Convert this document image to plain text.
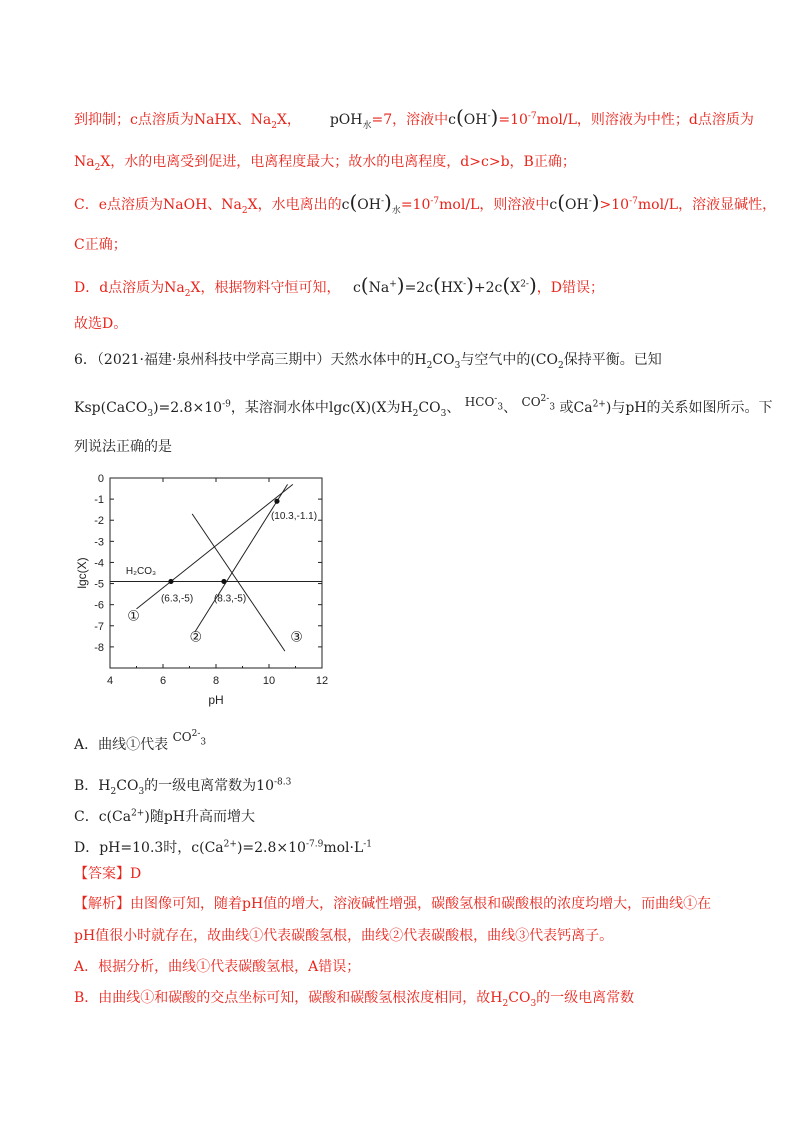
到抑制；c点溶质为NaHX、$Na_2X$， pOH$_水$=7，溶液中$c(OH^-)=10^{-7}mol/L$，则溶液为中性；d点溶质为
$Na_2X$，水的电离受到促进，电离程度最大；故水的电离程度，d>c>b，B正确；
C．e点溶质为NaOH、$Na_2X$，水电离出的$c(OH^-)_水=10^{-7}mol/L$，则溶液中$c(OH^-)>10^{-7}mol/L$，溶液显碱性，
C正确；
D．d点溶质为$Na_2X$，根据物料守恒可知， $c(Na^+)=2c(HX^-)+2c(X^{2-})$，D错误；
故选D。
6．（2021·福建·泉州科技中学高三期中）天然水体中的$H_2CO_3$与空气中的($CO_2$保持平衡。已知
$Ksp(CaCO_3)=2.8\times 10^{-9}$，某溶洞水体中lgc(X)(X为$H_2CO_3$、 $HCO^-_3$、 $CO^{2-}_3$ 或$Ca^{2+}$)与pH的关系如图所示。下
列说法正确的是
0
-1
-2
-3
-4
-5
-6
-7
-8
4	6	8	10	12
pH
lgc(X)	H₂CO₃
①
②	③
(6.3,-5) (8.3,-5)
(10.3,-1.1)
A．曲线①代表 $CO^{2-}_3$
B．$H_2CO_3$的一级电离常数为$10^{-8.3}$
C．$c(Ca^{2+})$随pH升高而增大
D．pH=10.3时，$c(Ca^{2+})=2.8\times 10^{-7.9}mol\cdot L^{-1}$
【答案】D
【解析】由图像可知，随着pH值的增大，溶液碱性增强，碳酸氢根和碳酸根的浓度均增大，而曲线①在
pH值很小时就存在，故曲线①代表碳酸氢根，曲线②代表碳酸根，曲线③代表钙离子。
A．根据分析，曲线①代表碳酸氢根，A错误；
B．由曲线①和碳酸的交点坐标可知，碳酸和碳酸氢根浓度相同，故$H_2CO_3$的一级电离常数
